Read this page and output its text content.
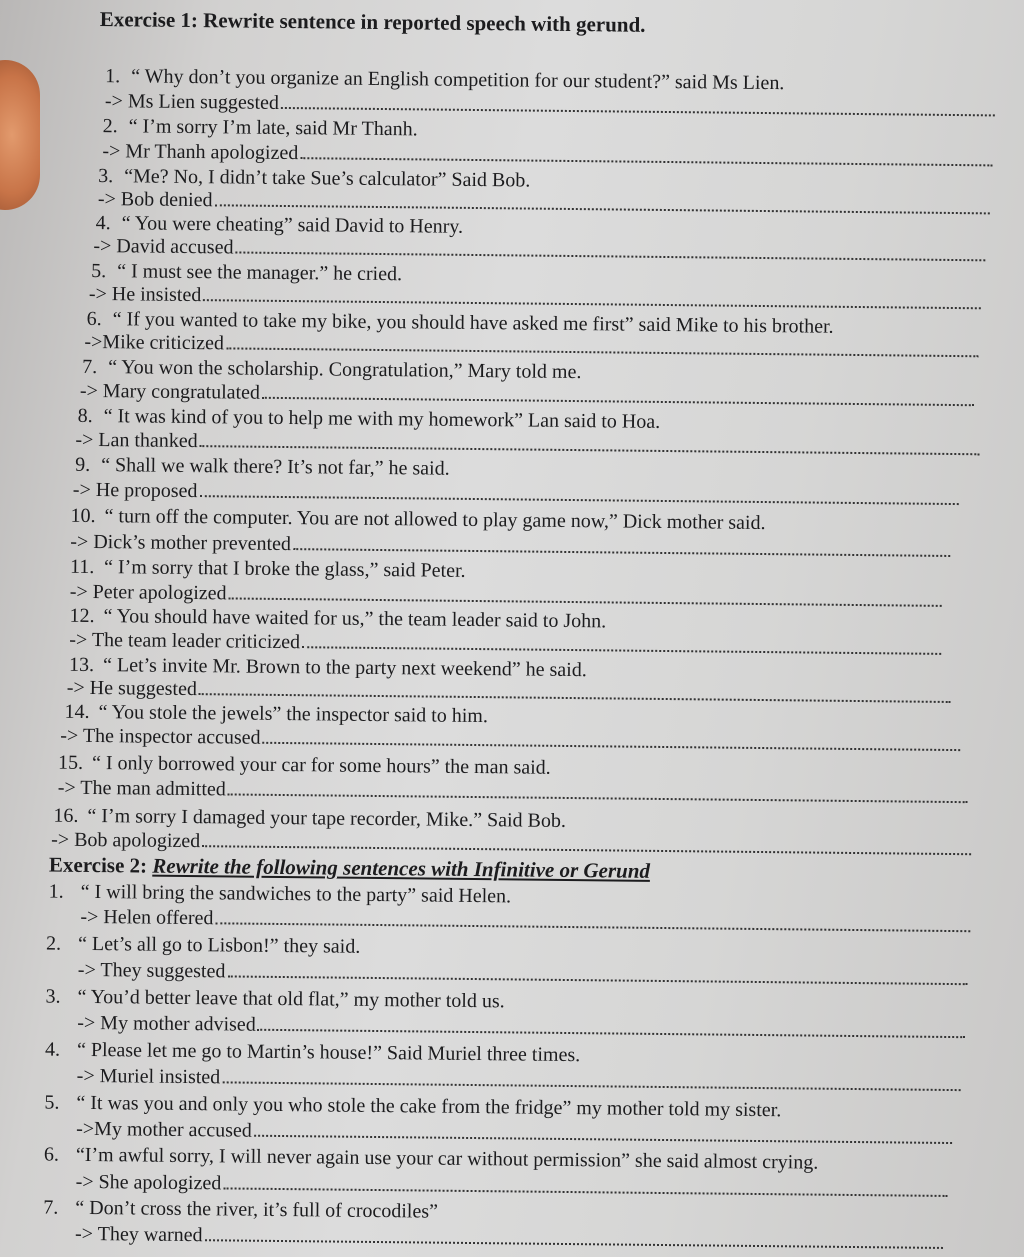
Exercise 1: Rewrite sentence in reported speech with gerund.
1. “ Why don’t you organize an English competition for our student?” said Ms Lien.
-> Ms Lien suggested
2. “ I’m sorry I’m late, said Mr Thanh.
-> Mr Thanh apologized
3. “Me? No, I didn’t take Sue’s calculator” Said Bob.
-> Bob denied
4. “ You were cheating” said David to Henry.
-> David accused
5. “ I must see the manager.” he cried.
-> He insisted
6. “ If you wanted to take my bike, you should have asked me first” said Mike to his brother.
->Mike criticized
7. “ You won the scholarship. Congratulation,” Mary told me.
-> Mary congratulated
8. “ It was kind of you to help me with my homework” Lan said to Hoa.
-> Lan thanked
9. “ Shall we walk there? It’s not far,” he said.
-> He proposed
10. “ turn off the computer. You are not allowed to play game now,” Dick mother said.
-> Dick’s mother prevented
11. “ I’m sorry that I broke the glass,” said Peter.
-> Peter apologized
12. “ You should have waited for us,” the team leader said to John.
-> The team leader criticized
13. “ Let’s invite Mr. Brown to the party next weekend” he said.
-> He suggested
14. “ You stole the jewels” the inspector said to him.
-> The inspector accused
15. “ I only borrowed your car for some hours” the man said.
-> The man admitted
16. “ I’m sorry I damaged your tape recorder, Mike.” Said Bob.
-> Bob apologized
Exercise 2: Rewrite the following sentences with Infinitive or Gerund
1. “ I will bring the sandwiches to the party” said Helen.
-> Helen offered
2. “ Let’s all go to Lisbon!” they said.
-> They suggested
3. “ You’d better leave that old flat,” my mother told us.
-> My mother advised
4. “ Please let me go to Martin’s house!” Said Muriel three times.
-> Muriel insisted
5. “ It was you and only you who stole the cake from the fridge” my mother told my sister.
->My mother accused
6. “I’m awful sorry, I will never again use your car without permission” she said almost crying.
-> She apologized
7. “ Don’t cross the river, it’s full of crocodiles”
-> They warned
